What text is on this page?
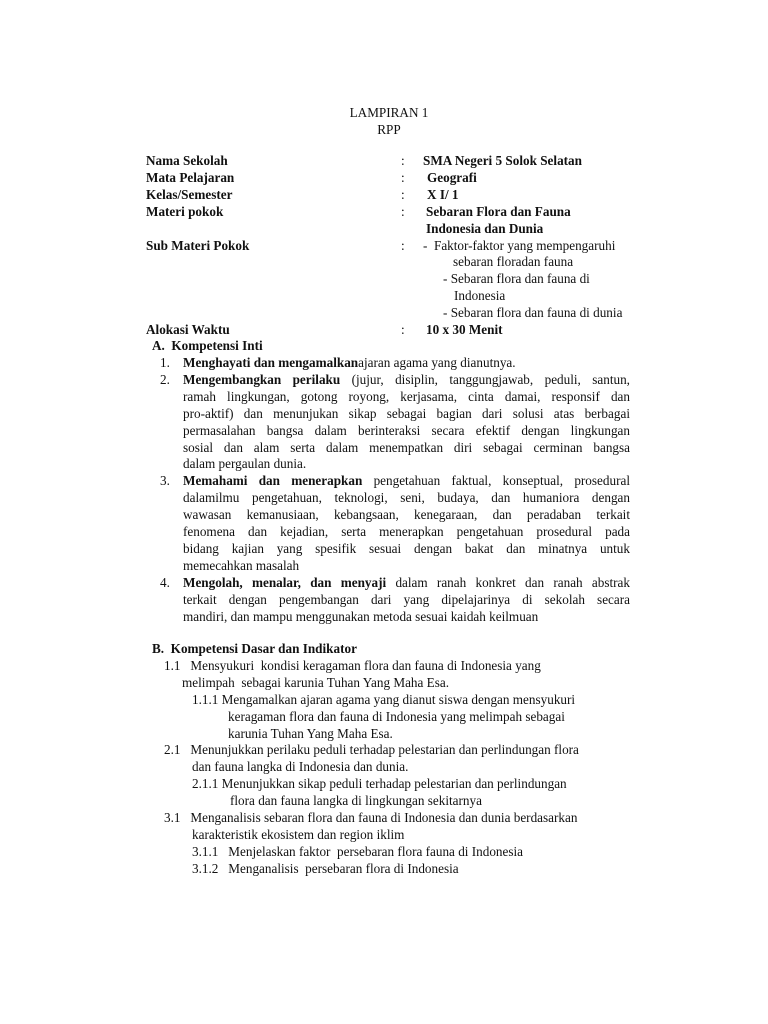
LAMPIRAN 1
RPP
Nama Sekolah	:	SMA Negeri 5 Solok Selatan
Mata Pelajaran	:	Geografi
Kelas/Semester	:	X I/ 1
Materi pokok	:	Sebaran Flora dan Fauna
Indonesia dan Dunia
Sub Materi Pokok	:	-  Faktor-faktor yang mempengaruhi
sebaran floradan fauna
- Sebaran flora dan fauna di
Indonesia
- Sebaran flora dan fauna di dunia
Alokasi Waktu	:	10 x 30 Menit
A.  Kompetensi Inti
1. Menghayati dan mengamalkanajaran agama yang dianutnya.
2. Mengembangkan perilaku (jujur, disiplin, tanggungjawab, peduli, santun,
ramah lingkungan, gotong royong, kerjasama, cinta damai, responsif dan
pro-aktif) dan menunjukan sikap sebagai bagian dari solusi atas berbagai
permasalahan bangsa dalam berinteraksi secara efektif dengan lingkungan
sosial dan alam serta dalam menempatkan diri sebagai cerminan bangsa
dalam pergaulan dunia.
3. Memahami dan menerapkan pengetahuan faktual, konseptual, prosedural
dalamilmu pengetahuan, teknologi, seni, budaya, dan humaniora dengan
wawasan kemanusiaan, kebangsaan, kenegaraan, dan peradaban terkait
fenomena dan kejadian, serta menerapkan pengetahuan prosedural pada
bidang kajian yang spesifik sesuai dengan bakat dan minatnya untuk
memecahkan masalah
4. Mengolah, menalar, dan menyaji dalam ranah konkret dan ranah abstrak
terkait dengan pengembangan dari yang dipelajarinya di sekolah secara
mandiri, dan mampu menggunakan metoda sesuai kaidah keilmuan
B.  Kompetensi Dasar dan Indikator
1.1   Mensyukuri  kondisi keragaman flora dan fauna di Indonesia yang
melimpah  sebagai karunia Tuhan Yang Maha Esa.
1.1.1 Mengamalkan ajaran agama yang dianut siswa dengan mensyukuri
keragaman flora dan fauna di Indonesia yang melimpah sebagai
karunia Tuhan Yang Maha Esa.
2.1   Menunjukkan perilaku peduli terhadap pelestarian dan perlindungan flora
dan fauna langka di Indonesia dan dunia.
2.1.1 Menunjukkan sikap peduli terhadap pelestarian dan perlindungan
flora dan fauna langka di lingkungan sekitarnya
3.1   Menganalisis sebaran flora dan fauna di Indonesia dan dunia berdasarkan
karakteristik ekosistem dan region iklim
3.1.1   Menjelaskan faktor  persebaran flora fauna di Indonesia
3.1.2   Menganalisis  persebaran flora di Indonesia
